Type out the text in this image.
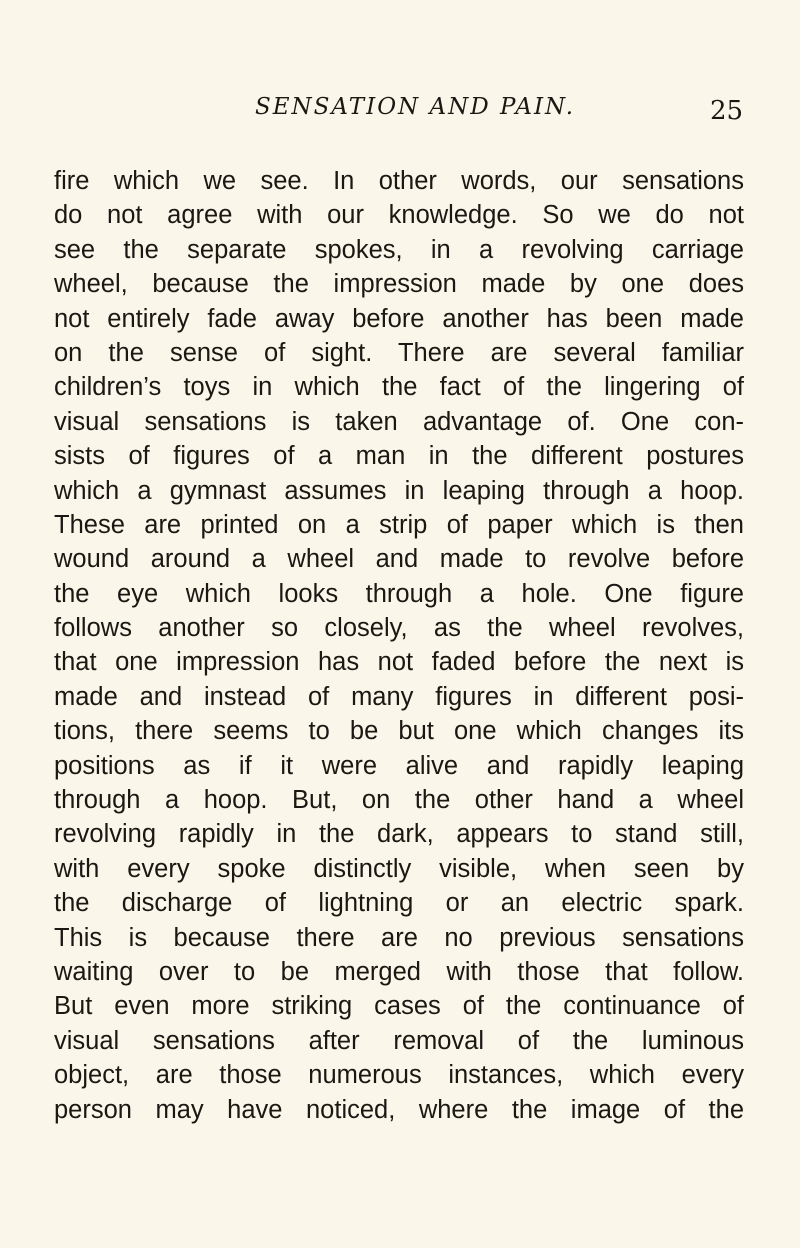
SENSATION AND PAIN.	25
fire which we see. In other words, our sensations
do not agree with our knowledge. So we do not
see the separate spokes, in a revolving carriage
wheel, because the impression made by one does
not entirely fade away before another has been made
on the sense of sight. There are several familiar
children’s toys in which the fact of the lingering of
visual sensations is taken advantage of. One con-
sists of figures of a man in the different postures
which a gymnast assumes in leaping through a hoop.
These are printed on a strip of paper which is then
wound around a wheel and made to revolve before
the eye which looks through a hole. One figure
follows another so closely, as the wheel revolves,
that one impression has not faded before the next is
made and instead of many figures in different posi-
tions, there seems to be but one which changes its
positions as if it were alive and rapidly leaping
through a hoop. But, on the other hand a wheel
revolving rapidly in the dark, appears to stand still,
with every spoke distinctly visible, when seen by
the discharge of lightning or an electric spark.
This is because there are no previous sensations
waiting over to be merged with those that follow.
But even more striking cases of the continuance of
visual sensations after removal of the luminous
object, are those numerous instances, which every
person may have noticed, where the image of the
